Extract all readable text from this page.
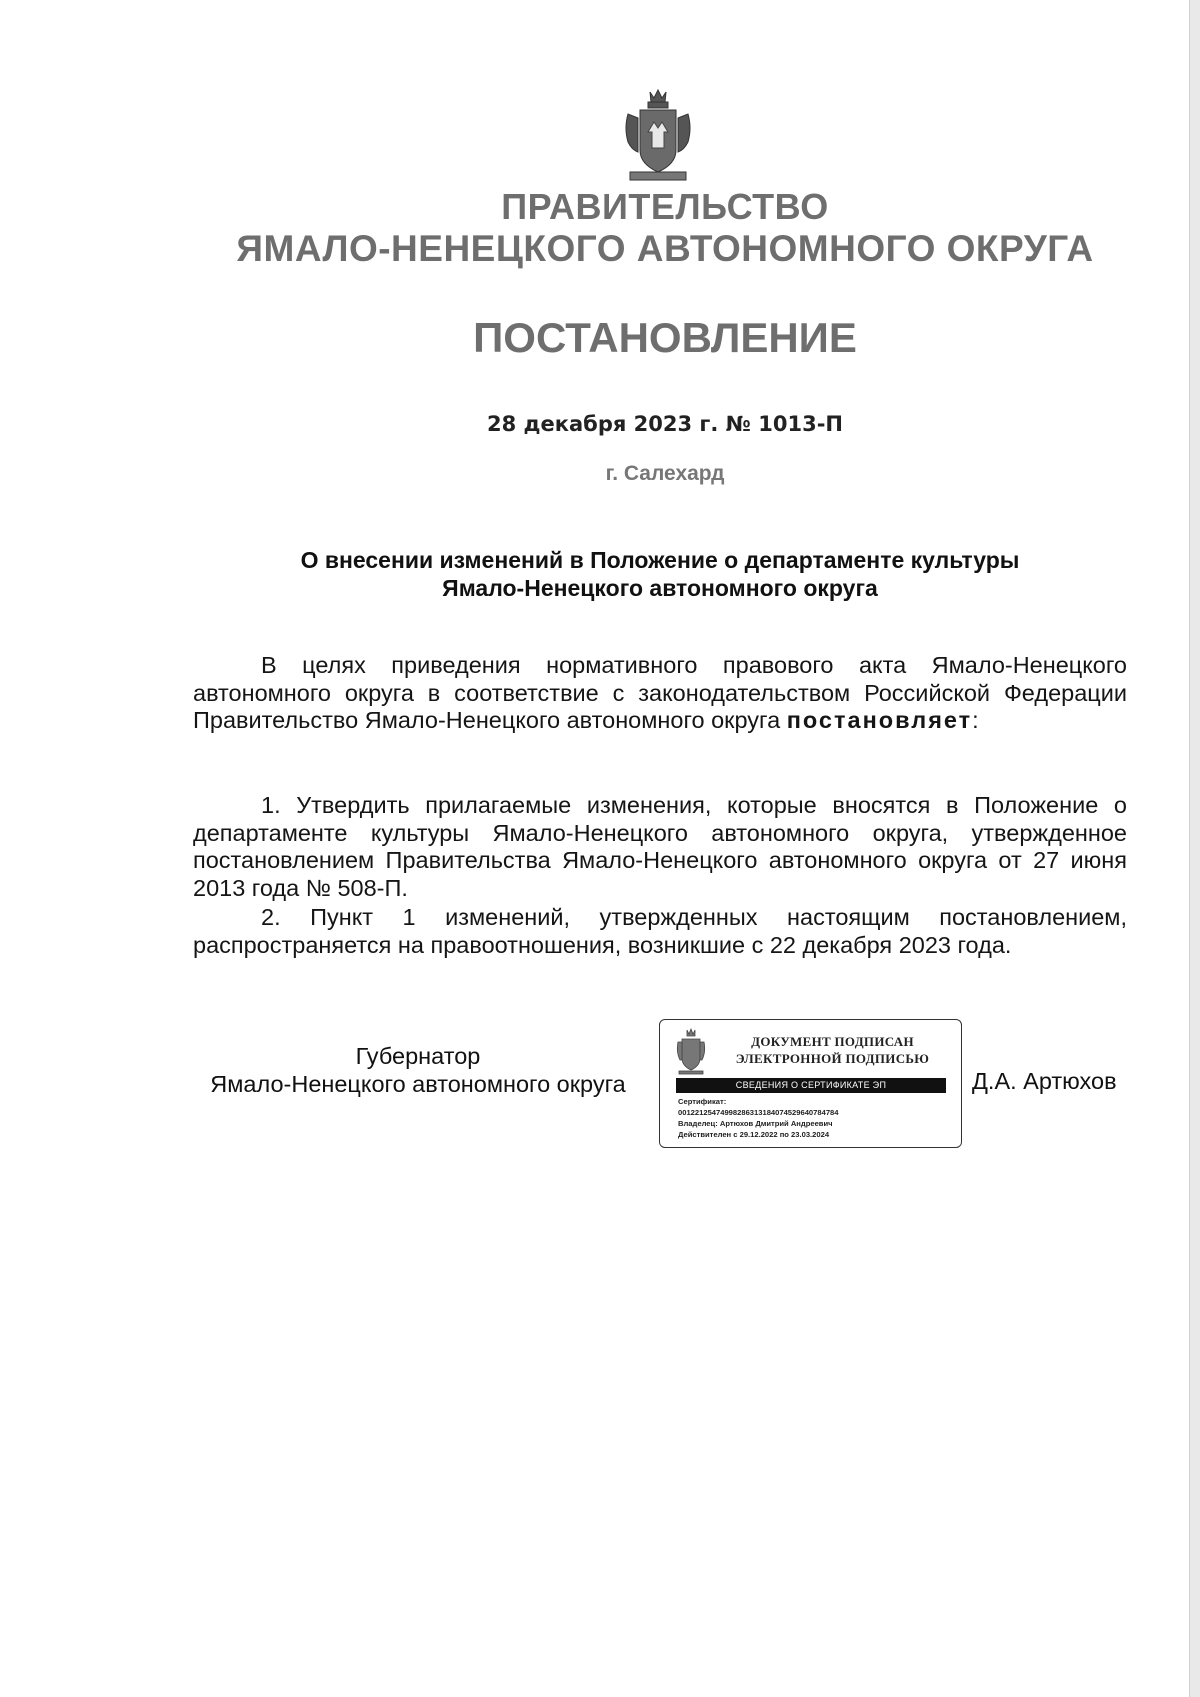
ПРАВИТЕЛЬСТВО
ЯМАЛО-НЕНЕЦКОГО АВТОНОМНОГО ОКРУГА
ПОСТАНОВЛЕНИЕ

28 декабря 2023 г. № 1013-П

г. Салехард

О внесении изменений в Положение о департаменте культуры
Ямало-Ненецкого автономного округа

В целях приведения нормативного правового акта Ямало-Ненецкого автономного округа в соответствие с законодательством Российской Федерации Правительство Ямало-Ненецкого автономного округа постановляет:

1. Утвердить прилагаемые изменения, которые вносятся в Положение о департаменте культуры Ямало-Ненецкого автономного округа, утвержденное постановлением Правительства Ямало-Ненецкого автономного округа от 27 июня 2013 года № 508-П.

2. Пункт 1 изменений, утвержденных настоящим постановлением, распространяется на правоотношения, возникшие с 22 декабря 2023 года.

Губернатор
Ямало-Ненецкого автономного округа
ДОКУМЕНТ ПОДПИСАН
ЭЛЕКТРОННОЙ ПОДПИСЬЮ
СВЕДЕНИЯ О СЕРТИФИКАТЕ ЭП
Сертификат:
00122125474998286313184074529640784784
Владелец: Артюхов Дмитрий Андреевич
Действителен с 29.12.2022 по 23.03.2024

Д.А. Артюхов
